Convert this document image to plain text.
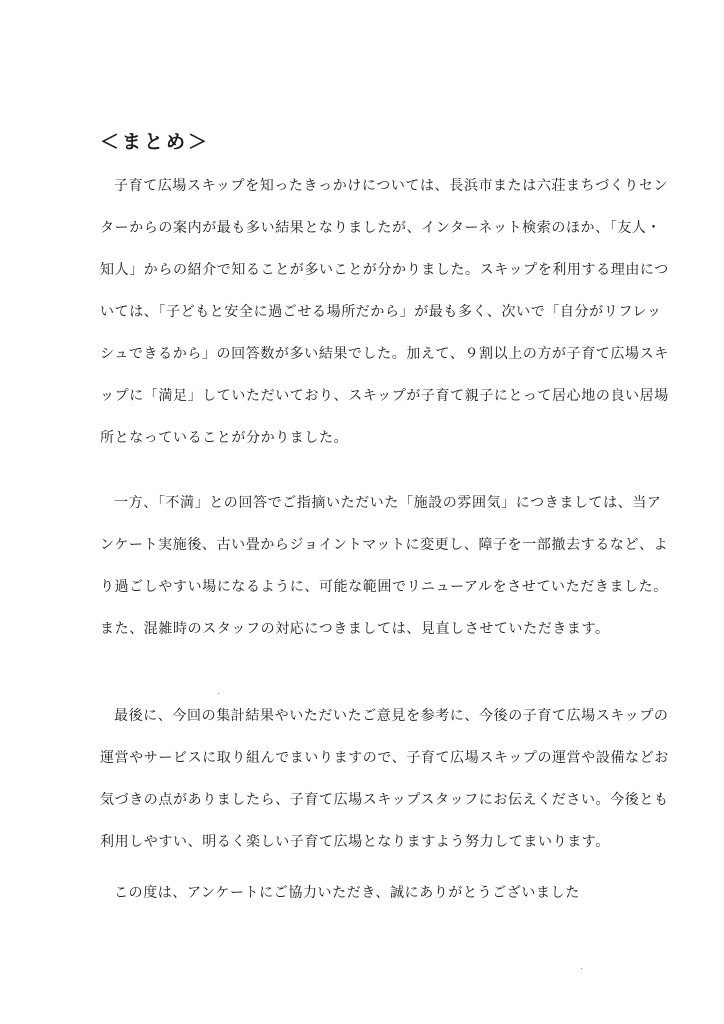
＜まとめ＞
子育て広場スキップを知ったきっかけについては、長浜市または六荘まちづくりセン
ターからの案内が最も多い結果となりましたが、インターネット検索のほか、「友人・
知人」からの紹介で知ることが多いことが分かりました。スキップを利用する理由につ
いては、「子どもと安全に過ごせる場所だから」が最も多く、次いで「自分がリフレッ
シュできるから」の回答数が多い結果でした。加えて、９割以上の方が子育て広場スキ
ップに「満足」していただいており、スキップが子育て親子にとって居心地の良い居場
所となっていることが分かりました。
一方、「不満」との回答でご指摘いただいた「施設の雰囲気」につきましては、当ア
ンケート実施後、古い畳からジョイントマットに変更し、障子を一部撤去するなど、よ
り過ごしやすい場になるように、可能な範囲でリニューアルをさせていただきました。
また、混雑時のスタッフの対応につきましては、見直しさせていただきます。
最後に、今回の集計結果やいただいたご意見を参考に、今後の子育て広場スキップの
運営やサービスに取り組んでまいりますので、子育て広場スキップの運営や設備などお
気づきの点がありましたら、子育て広場スキップスタッフにお伝えください。今後とも
利用しやすい、明るく楽しい子育て広場となりますよう努力してまいります。
この度は、アンケートにご協力いただき、誠にありがとうございました
